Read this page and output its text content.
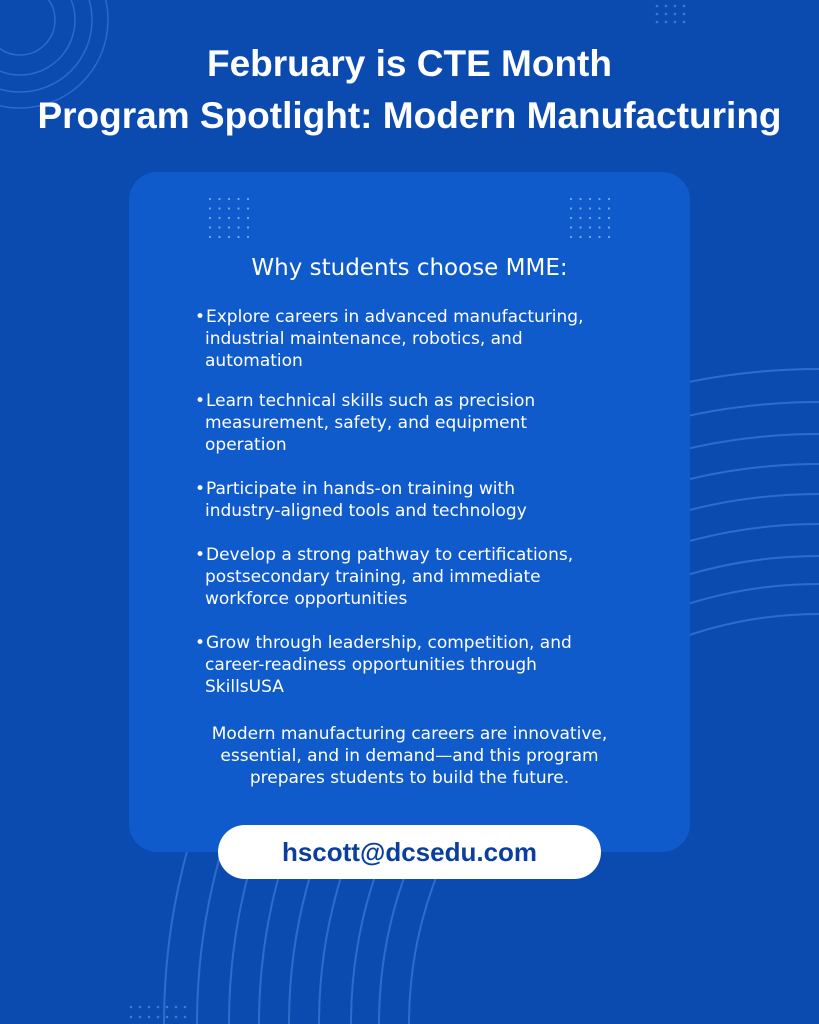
February is CTE Month
Program Spotlight: Modern Manufacturing
Why students choose MME:
•Explore careers in advanced manufacturing,
industrial maintenance, robotics, and
automation
•Learn technical skills such as precision
measurement, safety, and equipment
operation
•Participate in hands-on training with
industry-aligned tools and technology
•Develop a strong pathway to certifications,
postsecondary training, and immediate
workforce opportunities
•Grow through leadership, competition, and
career-readiness opportunities through
SkillsUSA
Modern manufacturing careers are innovative,
essential, and in demand—and this program
prepares students to build the future.
hscott@dcsedu.com
